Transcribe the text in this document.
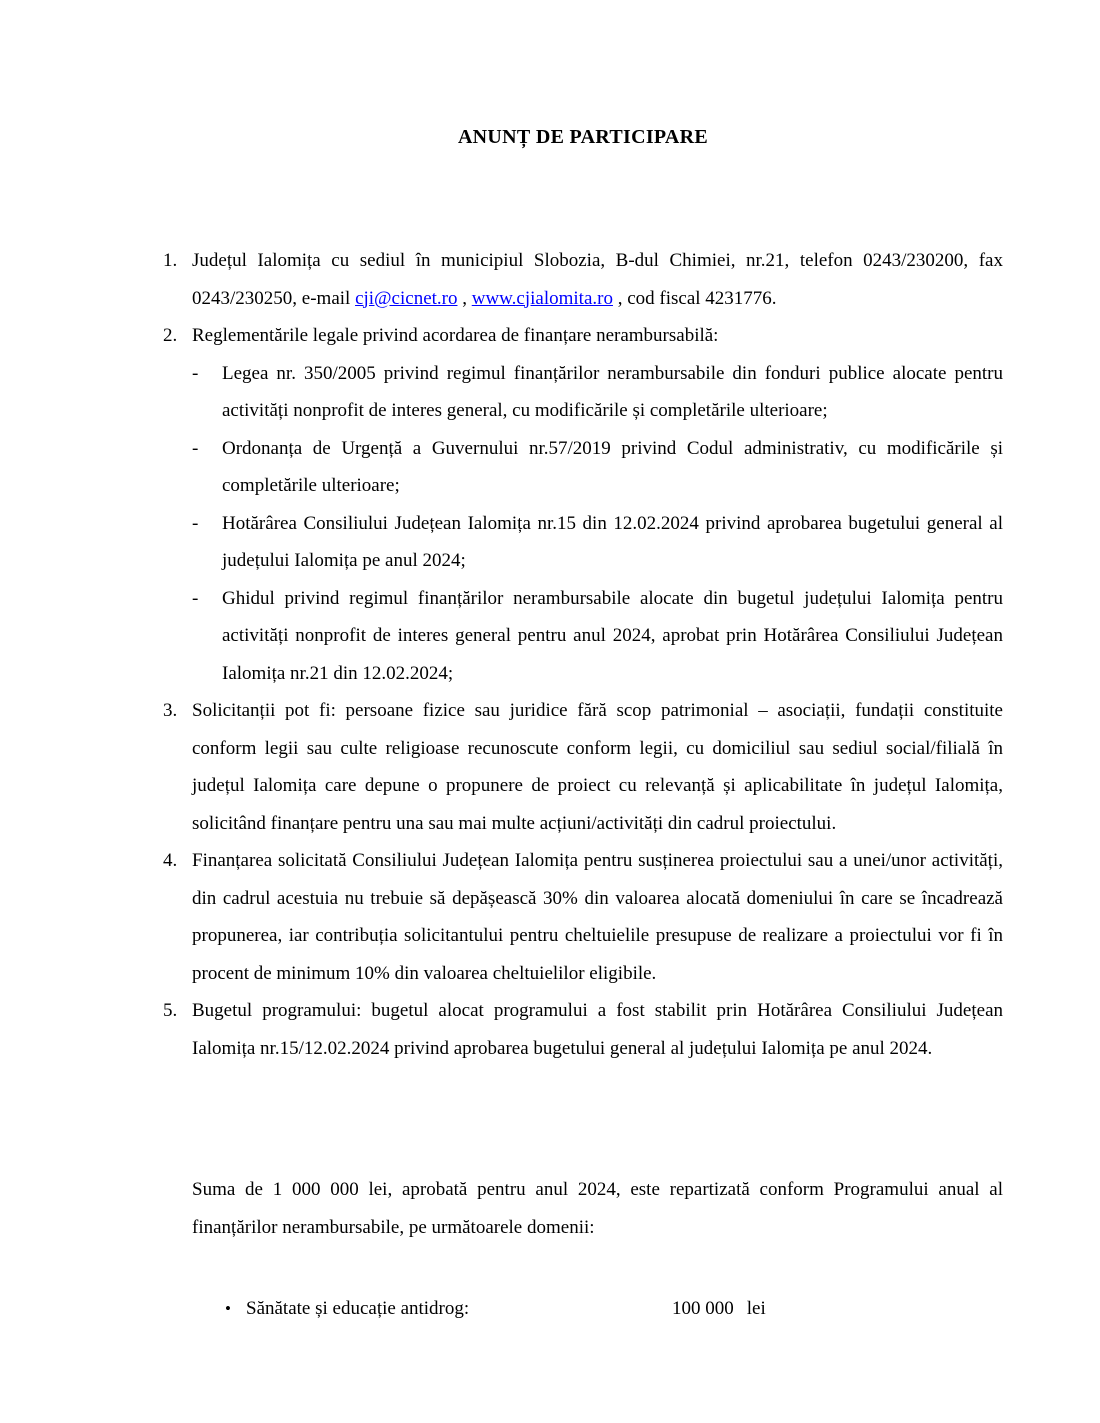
ANUNȚ DE PARTICIPARE
1. Județul Ialomița cu sediul în municipiul Slobozia, B-dul Chimiei, nr.21, telefon 0243/230200, fax 0243/230250, e-mail cji@cicnet.ro , www.cjialomita.ro , cod fiscal 4231776.
2. Reglementările legale privind acordarea de finanțare nerambursabilă:
-	Legea nr. 350/2005 privind regimul finanțărilor nerambursabile din fonduri publice alocate pentru activități nonprofit de interes general, cu modificările și completările ulterioare;
-	Ordonanța de Urgență a Guvernului nr.57/2019 privind Codul administrativ, cu modificările și completările ulterioare;
-	Hotărârea Consiliului Județean Ialomița nr.15 din 12.02.2024 privind aprobarea bugetului general al județului Ialomița pe anul 2024;
-	Ghidul privind regimul finanțărilor nerambursabile alocate din bugetul județului Ialomița pentru activități nonprofit de interes general pentru anul 2024, aprobat prin Hotărârea Consiliului Județean Ialomița nr.21 din 12.02.2024;
3. Solicitanții pot fi: persoane fizice sau juridice fără scop patrimonial – asociații, fundații constituite conform legii sau culte religioase recunoscute conform legii, cu domiciliul sau sediul social/filială în județul Ialomița care depune o propunere de proiect cu relevanță și aplicabilitate în județul Ialomița, solicitând finanțare pentru una sau mai multe acțiuni/activități din cadrul proiectului.
4. Finanțarea solicitată Consiliului Județean Ialomița pentru susținerea proiectului sau a unei/unor activități, din cadrul acestuia nu trebuie să depășească 30% din valoarea alocată domeniului în care se încadrează propunerea, iar contribuția solicitantului pentru cheltuielile presupuse de realizare a proiectului vor fi în procent de minimum 10% din valoarea cheltuielilor eligibile.
5. Bugetul programului: bugetul alocat programului a fost stabilit prin Hotărârea Consiliului Județean Ialomița nr.15/12.02.2024 privind aprobarea bugetului general al județului Ialomița pe anul 2024.
Suma de 1 000 000 lei, aprobată pentru anul 2024, este repartizată conform Programului anual al finanțărilor nerambursabile, pe următoarele domenii:
• Sănătate și educație antidrog:	100 000 lei
